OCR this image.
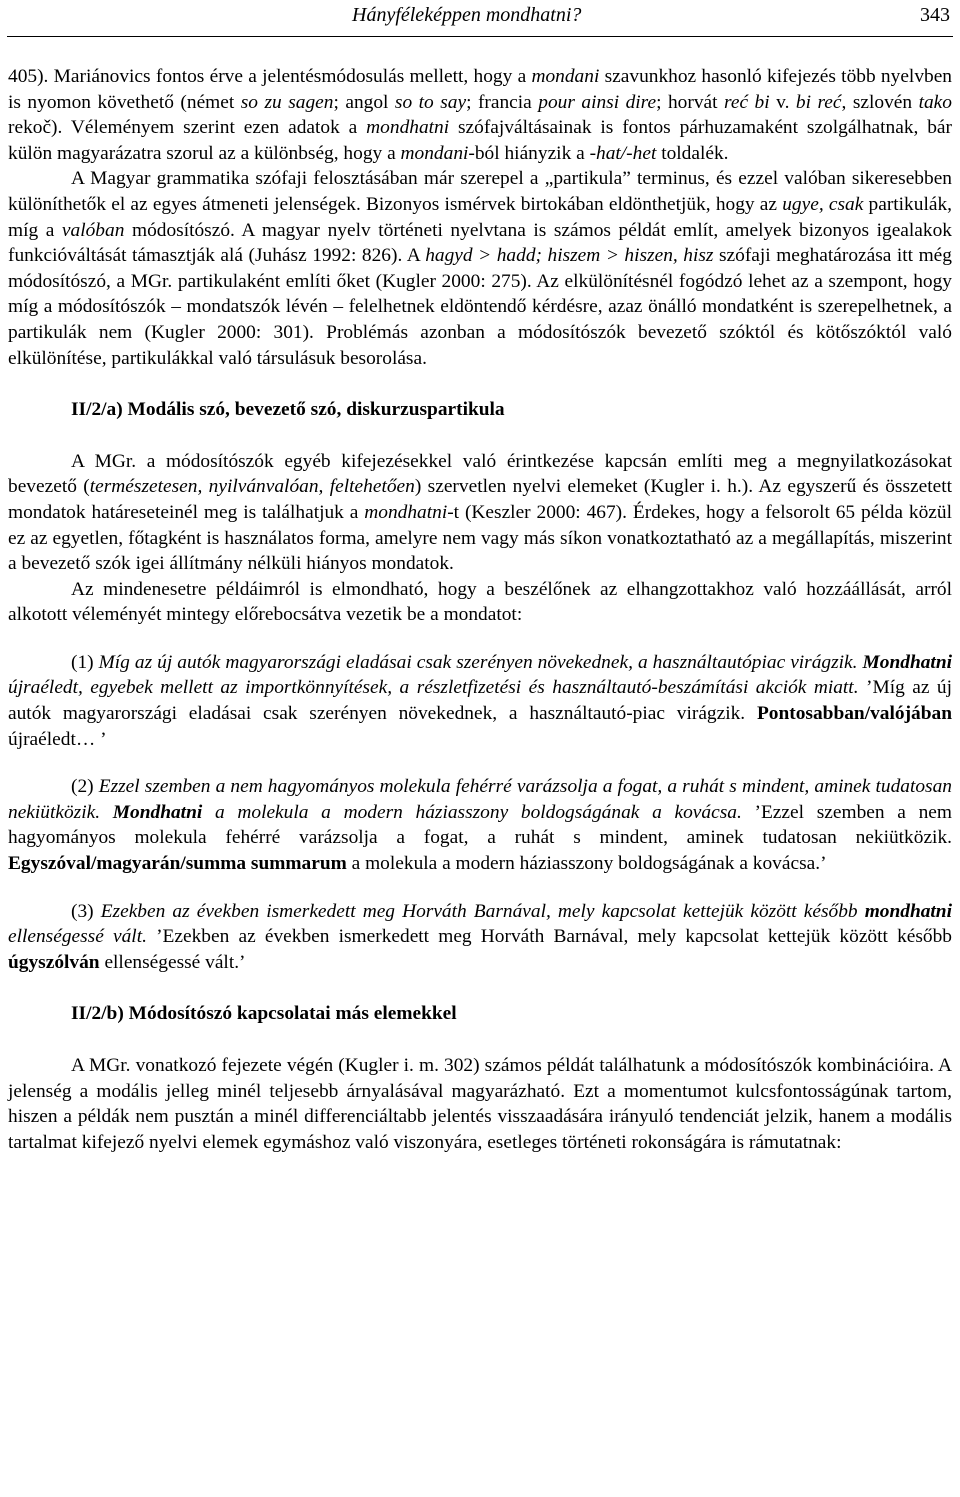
Hányféleképpen mondhatni?	343

405). Mariánovics fontos érve a jelentésmódosulás mellett, hogy a mondani szavunkhoz hasonló kifejezés több nyelvben is nyomon követhető (német so zu sagen; angol so to say; francia pour ainsi dire; horvát reć bi v. bi reć, szlovén tako rekoč). Véleményem szerint ezen adatok a mondhatni szófajváltásainak is fontos párhuzamaként szolgálhatnak, bár külön magyarázatra szorul az a különbség, hogy a mondani-ból hiányzik a -hat/-het toldalék.

A Magyar grammatika szófaji felosztásában már szerepel a „partikula” terminus, és ezzel valóban sikeresebben különíthetők el az egyes átmeneti jelenségek. Bizonyos ismérvek birtokában eldönthetjük, hogy az ugye, csak partikulák, míg a valóban módosítószó. A magyar nyelv történeti nyelvtana is számos példát említ, amelyek bizonyos igealakok funkcióváltását támasztják alá (Juhász 1992: 826). A hagyd > hadd; hiszem > hiszen, hisz szófaji meghatározása itt még módosítószó, a MGr. partikulaként említi őket (Kugler 2000: 275). Az elkülönítésnél fogódzó lehet az a szempont, hogy míg a módosítószók – mondatszók lévén – felelhetnek eldöntendő kérdésre, azaz önálló mondatként is szerepelhetnek, a partikulák nem (Kugler 2000: 301). Problémás azonban a módosítószók bevezető szóktól és kötőszóktól való elkülönítése, partikulákkal való társulásuk besorolása.

II/2/a) Modális szó, bevezető szó, diskurzuspartikula

A MGr. a módosítószók egyéb kifejezésekkel való érintkezése kapcsán említi meg a megnyilatkozásokat bevezető (természetesen, nyilvánvalóan, feltehetően) szervetlen nyelvi elemeket (Kugler i. h.). Az egyszerű és összetett mondatok határeseteinél meg is találhatjuk a mondhatni-t (Keszler 2000: 467). Érdekes, hogy a felsorolt 65 példa közül ez az egyetlen, főtagként is használatos forma, amelyre nem vagy más síkon vonatkoztatható az a megállapítás, miszerint a bevezető szók igei állítmány nélküli hiányos mondatok.

Az mindenesetre példáimról is elmondható, hogy a beszélőnek az elhangzottakhoz való hozzáállását, arról alkotott véleményét mintegy előrebocsátva vezetik be a mondatot:

(1) Míg az új autók magyarországi eladásai csak szerényen növekednek, a használtautópiac virágzik. Mondhatni újraéledt, egyebek mellett az importkönnyítések, a részletfizetési és használtautó-beszámítási akciók miatt. ’Míg az új autók magyarországi eladásai csak szerényen növekednek, a használtautó-piac virágzik. Pontosabban/valójában újraéledt… ’

(2) Ezzel szemben a nem hagyományos molekula fehérré varázsolja a fogat, a ruhát s mindent, aminek tudatosan nekiütközik. Mondhatni a molekula a modern háziasszony boldogságának a kovácsa. ’Ezzel szemben a nem hagyományos molekula fehérré varázsolja a fogat, a ruhát s mindent, aminek tudatosan nekiütközik. Egyszóval/magyarán/summa summarum a molekula a modern háziasszony boldogságának a kovácsa.’

(3) Ezekben az években ismerkedett meg Horváth Barnával, mely kapcsolat kettejük között később mondhatni ellenségessé vált. ’Ezekben az években ismerkedett meg Horváth Barnával, mely kapcsolat kettejük között később úgyszólván ellenségessé vált.’

II/2/b) Módosítószó kapcsolatai más elemekkel

A MGr. vonatkozó fejezete végén (Kugler i. m. 302) számos példát találhatunk a módosítószók kombinációira. A jelenség a modális jelleg minél teljesebb árnyalásával magyarázható. Ezt a momentumot kulcsfontosságúnak tartom, hiszen a példák nem pusztán a minél differenciáltabb jelentés visszaadására irányuló tendenciát jelzik, hanem a modális tartalmat kifejező nyelvi elemek egymáshoz való viszonyára, esetleges történeti rokonságára is rámutatnak:
